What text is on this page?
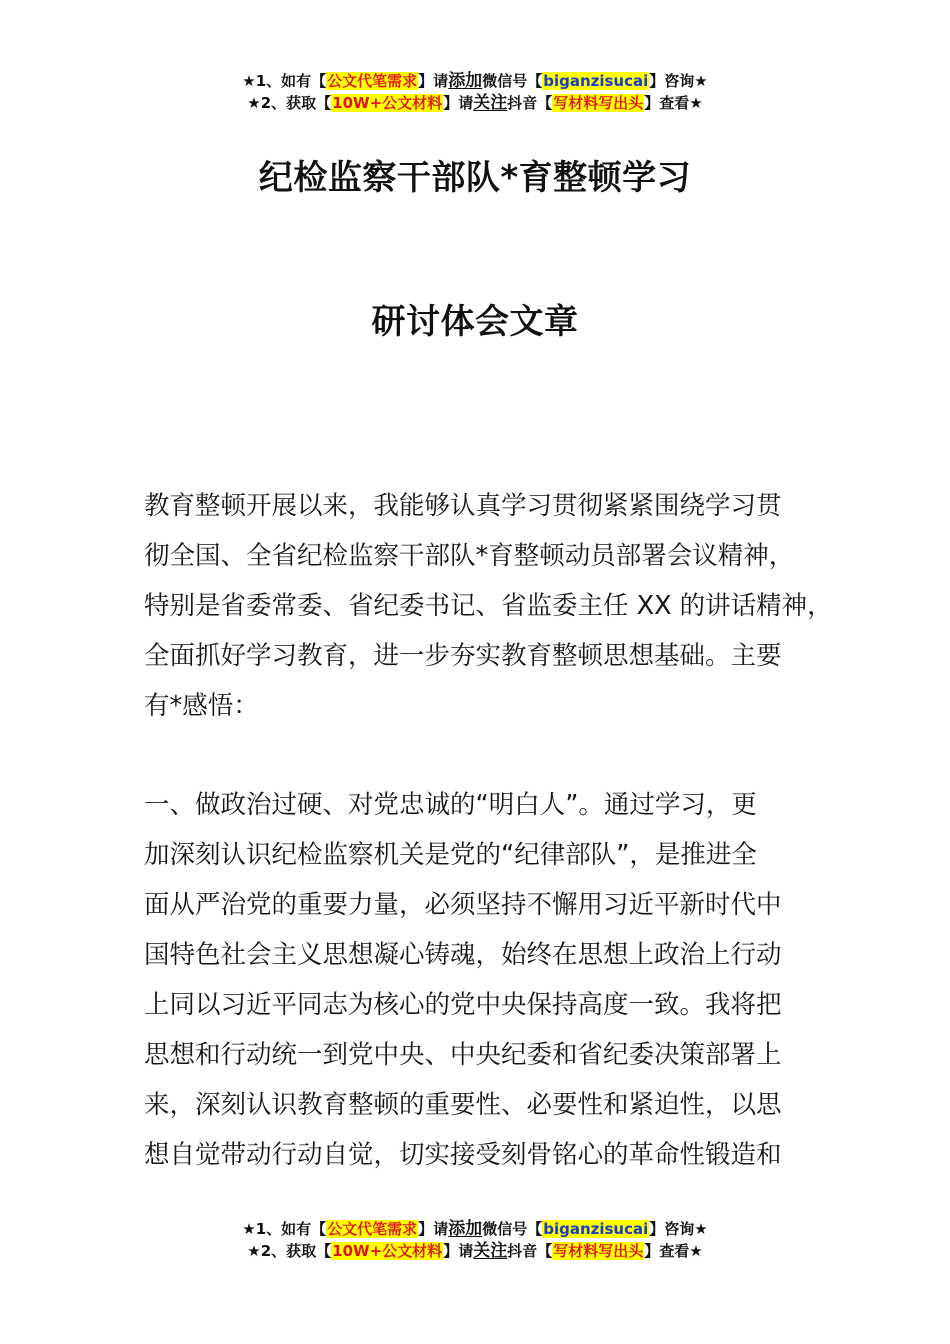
★1、如有【公文代笔需求】请添加微信号【biganzisucai】咨询★
★2、获取【10W+公文材料】请关注抖音【写材料写出头】查看★
纪检监察干部队*育整顿学习
研讨体会文章

教育整顿开展以来，我能够认真学习贯彻紧紧围绕学习贯
彻全国、全省纪检监察干部队*育整顿动员部署会议精神，
特别是省委常委、省纪委书记、省监委主任 XX 的讲话精神，
全面抓好学习教育，进一步夯实教育整顿思想基础。主要
有*感悟：

一、做政治过硬、对党忠诚的“明白人”。通过学习，更
加深刻认识纪检监察机关是党的“纪律部队”，是推进全
面从严治党的重要力量，必须坚持不懈用习近平新时代中
国特色社会主义思想凝心铸魂，始终在思想上政治上行动
上同以习近平同志为核心的党中央保持高度一致。我将把
思想和行动统一到党中央、中央纪委和省纪委决策部署上
来，深刻认识教育整顿的重要性、必要性和紧迫性，以思
想自觉带动行动自觉，切实接受刻骨铭心的革命性锻造和

★1、如有【公文代笔需求】请添加微信号【biganzisucai】咨询★
★2、获取【10W+公文材料】请关注抖音【写材料写出头】查看★
